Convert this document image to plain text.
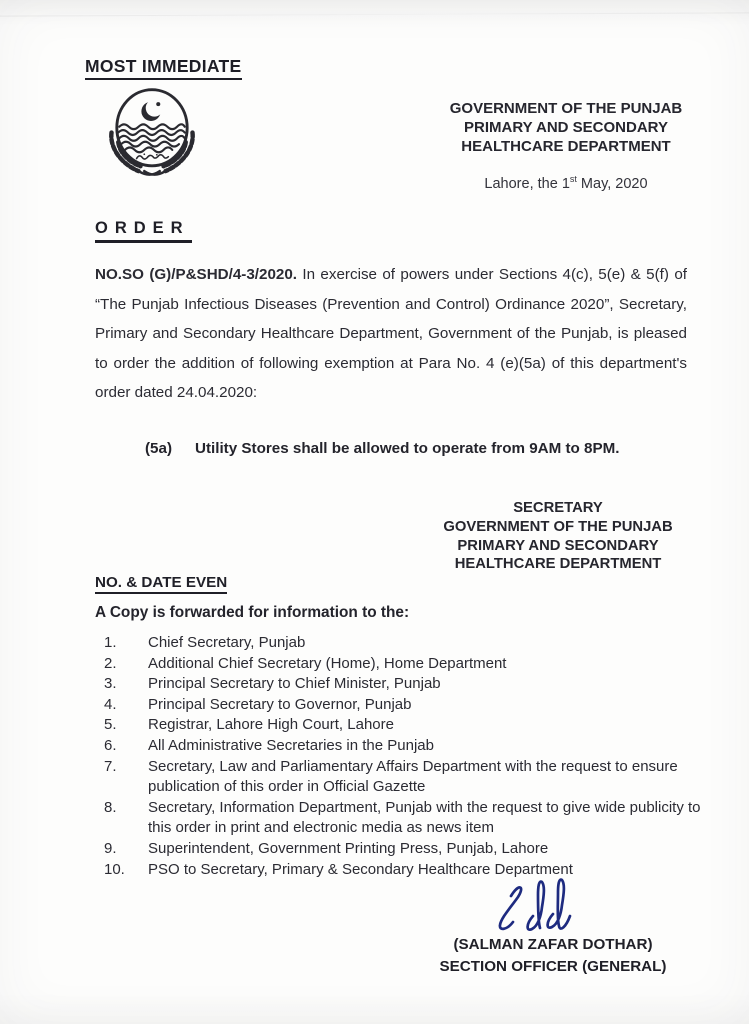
MOST IMMEDIATE
GOVERNMENT OF THE PUNJAB
PRIMARY AND SECONDARY
HEALTHCARE DEPARTMENT
Lahore, the 1st May, 2020
ORDER

NO.SO (G)/P&SHD/4-3/2020. In exercise of powers under Sections 4(c), 5(e) & 5(f) of “The Punjab Infectious Diseases (Prevention and Control) Ordinance 2020”, Secretary, Primary and Secondary Healthcare Department, Government of the Punjab, is pleased to order the addition of following exemption at Para No. 4 (e)(5a) of this department's order dated 24.04.2020:

(5a)	Utility Stores shall be allowed to operate from 9AM to 8PM.
SECRETARY
GOVERNMENT OF THE PUNJAB
PRIMARY AND SECONDARY
HEALTHCARE DEPARTMENT
NO. & DATE EVEN
A Copy is forwarded for information to the:
1.	Chief Secretary, Punjab
2.	Additional Chief Secretary (Home), Home Department
3.	Principal Secretary to Chief Minister, Punjab
4.	Principal Secretary to Governor, Punjab
5.	Registrar, Lahore High Court, Lahore
6.	All Administrative Secretaries in the Punjab
7.	Secretary, Law and Parliamentary Affairs Department with the request to ensure publication of this order in Official Gazette
8.	Secretary, Information Department, Punjab with the request to give wide publicity to this order in print and electronic media as news item
9.	Superintendent, Government Printing Press, Punjab, Lahore
10.	PSO to Secretary, Primary & Secondary Healthcare Department
(SALMAN ZAFAR DOTHAR)
SECTION OFFICER (GENERAL)
